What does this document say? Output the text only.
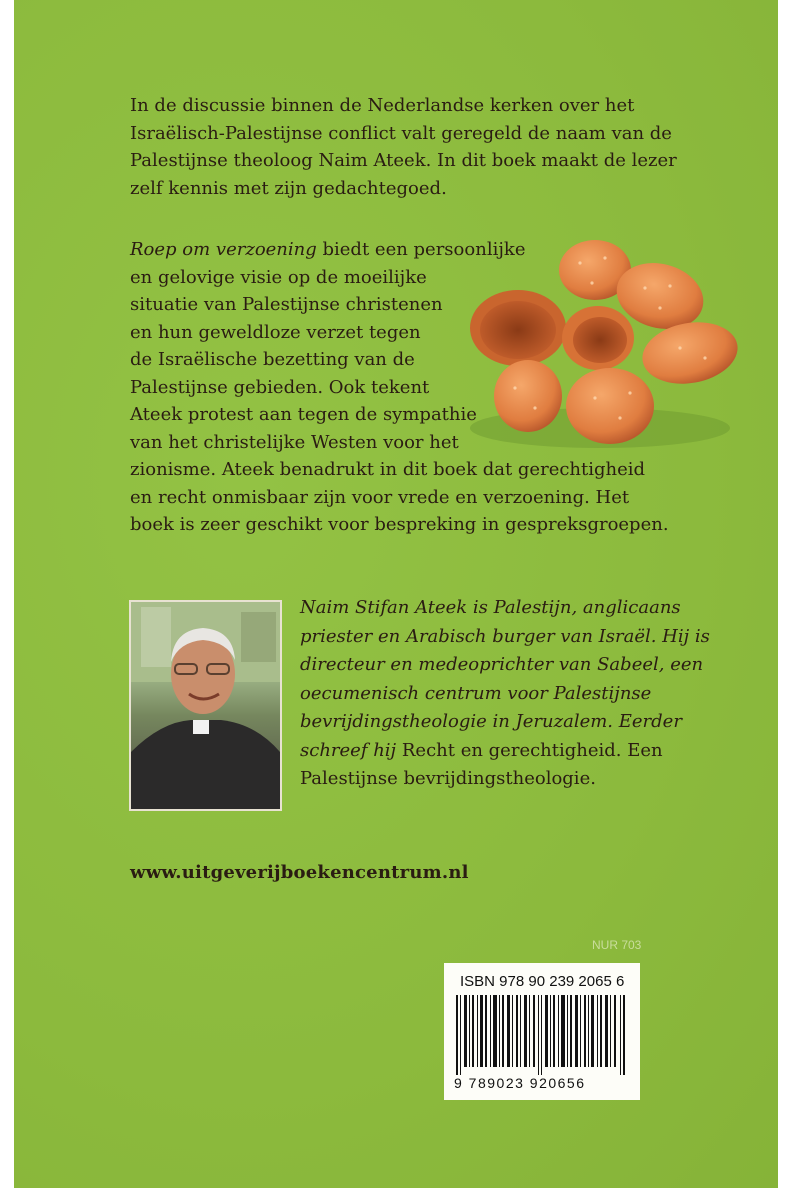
In de discussie binnen de Nederlandse kerken over het Israëlisch-Palestijnse conflict valt geregeld de naam van de Palestijnse theoloog Naim Ateek. In dit boek maakt de lezer zelf kennis met zijn gedachtegoed.

Roep om verzoening biedt een persoonlijke
en gelovige visie op de moeilijke
situatie van Palestijnse christenen
en hun geweldloze verzet tegen
de Israëlische bezetting van de
Palestijnse gebieden. Ook tekent
Ateek protest aan tegen de sympathie
van het christelijke Westen voor het
zionisme. Ateek benadrukt in dit boek dat gerechtigheid
en recht onmisbaar zijn voor vrede en verzoening. Het
boek is zeer geschikt voor bespreking in gespreksgroepen.

Naim Stifan Ateek is Palestijn, anglicaans
priester en Arabisch burger van Israël. Hij is
directeur en medeoprichter van Sabeel, een
oecumenisch centrum voor Palestijnse
bevrijdingstheologie in Jeruzalem. Eerder
schreef hij Recht en gerechtigheid. Een
Palestijnse bevrijdingstheologie.
www.uitgeverijboekencentrum.nl
NUR 703
ISBN 978 90 239 2065 6
9 789023 920656
